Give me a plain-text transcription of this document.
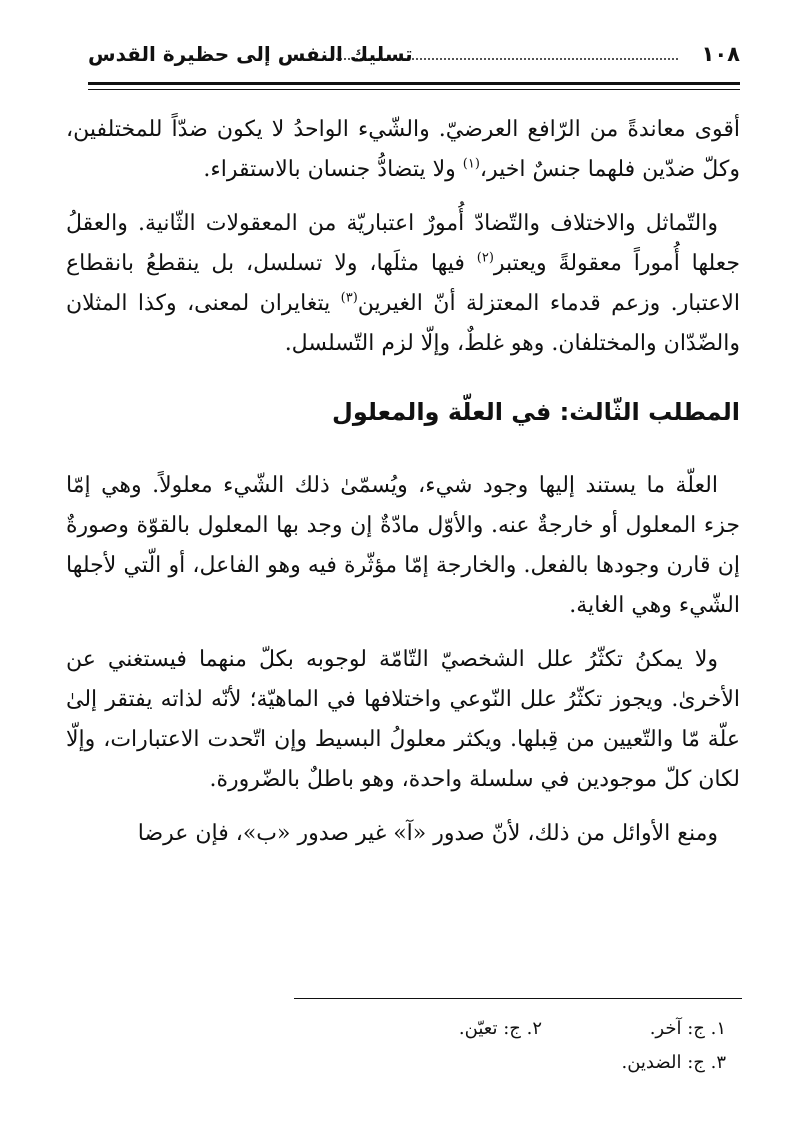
١٠٨
تسليك النفس إلى حظيرة القدس

أقوى معاندةً من الرّافع العرضيّ. والشّيء الواحدُ لا يكون ضدّاً للمختلفين، وكلّ ضدّين فلهما جنسٌ اخير،$^{(١)}$ ولا يتضادُّ جنسان بالاستقراء.

والتّماثل والاختلاف والتّضادّ أُمورٌ اعتباريّة من المعقولات الثّانية. والعقلُ جعلها أُموراً معقولةً ويعتبر$^{(٢)}$ فيها مثلَها، ولا تسلسل، بل ينقطعُ بانقطاع الاعتبار. وزعم قدماء المعتزلة أنّ الغيرين$^{(٣)}$ يتغايران لمعنى، وكذا المثلان والضّدّان والمختلفان. وهو غلطٌ، وإلّا لزم التّسلسل.

المطلب الثّالث: في العلّة والمعلول

العلّة ما يستند إليها وجود شيء، ويُسمّىٰ ذلك الشّيء معلولاً. وهي إمّا جزء المعلول أو خارجةٌ عنه. والأوّل مادّةٌ إن وجد بها المعلول بالقوّة وصورةٌ إن قارن وجودها بالفعل. والخارجة إمّا مؤثّرة فيه وهو الفاعل، أو الّتي لأجلها الشّيء وهي الغاية.

ولا يمكنُ تكثّرُ علل الشخصيّ التّامّة لوجوبه بكلّ منهما فيستغني عن الأخرىٰ. ويجوز تكثّرُ علل النّوعي واختلافها في الماهيّة؛ لأنّه لذاته يفتقر إلىٰ علّة مّا والتّعيين من قِبلها. ويكثر معلولُ البسيط وإن اتّحدت الاعتبارات، وإلّا لكان كلّ موجودين في سلسلة واحدة، وهو باطلٌ بالضّرورة.

ومنع الأوائل من ذلك، لأنّ صدور «آ» غير صدور «ب»، فإن عرضا

١. ج: آخر.
٢. ج: تعيّن.
٣. ج: الضدين.
